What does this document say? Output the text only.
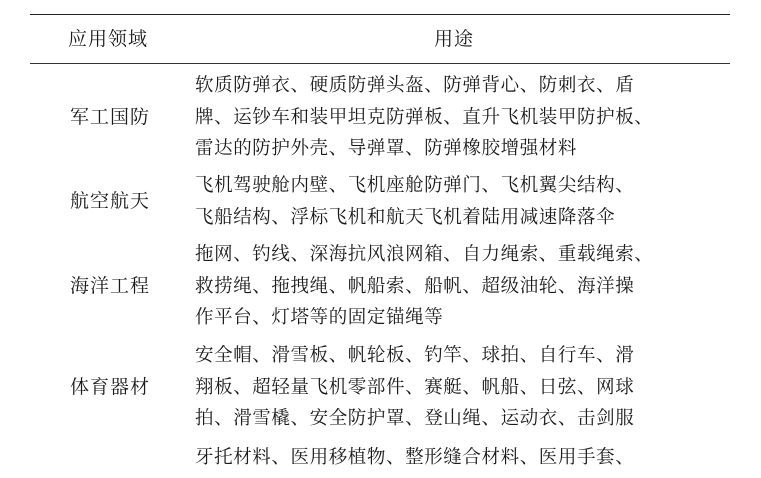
应用领域	用途
军工国防
软质防弹衣、硬质防弹头盔、防弹背心、防刺衣、盾
牌、运钞车和装甲坦克防弹板、直升飞机装甲防护板、
雷达的防护外壳、导弹罩、防弹橡胶增强材料
航空航天
飞机驾驶舱内壁、飞机座舱防弹门、飞机翼尖结构、
飞船结构、浮标飞机和航天飞机着陆用减速降落伞
海洋工程
拖网、钓线、深海抗风浪网箱、自力绳索、重载绳索、
救捞绳、拖拽绳、帆船索、船帆、超级油轮、海洋操
作平台、灯塔等的固定锚绳等
体育器材
安全帽、滑雪板、帆轮板、钓竿、球拍、自行车、滑
翔板、超轻量飞机零部件、赛艇、帆船、日弦、网球
拍、滑雪橇、安全防护罩、登山绳、运动衣、击剑服
牙托材料、医用移植物、整形缝合材料、医用手套、
